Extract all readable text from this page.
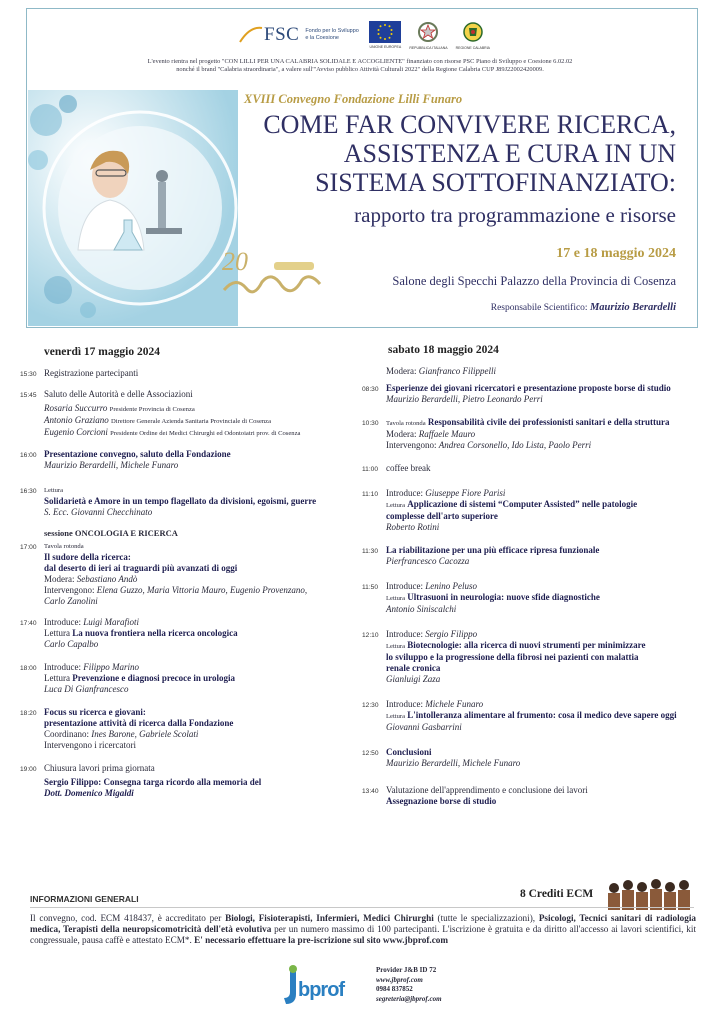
FSC Fondo per lo Sviluppo e la Coesione
UNIONE EUROPEA REPUBBLICA ITALIANA REGIONE CALABRIA
L'evento rientra nel progetto "CON LILLI PER UNA CALABRIA SOLIDALE E ACCOGLIENTE" finanziato con risorse PSC Piano di Sviluppo e Coesione 6.02.02
nonché il brand "Calabria straordinaria", a valere sull'"Avviso pubblico Attività Culturali 2022" della Regione Calabria CUP J89J22002420009.
XVIII Convegno Fondazione Lilli Funaro
COME FAR CONVIVERE RICERCA,
ASSISTENZA E CURA IN UN
SISTEMA SOTTOFINANZIATO:
rapporto tra programmazione e risorse
20	17 e 18 maggio 2024
Salone degli Specchi Palazzo della Provincia di Cosenza
Responsabile Scientifico: Maurizio Berardelli
venerdì 17 maggio 2024	sabato 18 maggio 2024
15:30 Registrazione partecipanti
15:45 Saluto delle Autorità e delle Associazioni
Rosaria Succurro Presidente Provincia di Cosenza
Antonio Graziano Direttore Generale Azienda Sanitaria Provinciale di Cosenza
Eugenio Corcioni Presidente Ordine dei Medici Chirurghi ed Odontoiatri prov. di Cosenza
16:00 Presentazione convegno, saluto della Fondazione
Maurizio Berardelli, Michele Funaro
16:30 Lettura
Solidarietà e Amore in un tempo flagellato da divisioni, egoismi, guerre
S. Ecc. Giovanni Checchinato
sessione ONCOLOGIA E RICERCA
17:00 Tavola rotonda
Il sudore della ricerca:
dal deserto di ieri ai traguardi più avanzati di oggi
Modera: Sebastiano Andò
Intervengono: Elena Guzzo, Maria Vittoria Mauro, Eugenio Provenzano,
Carlo Zanolini
17:40 Introduce: Luigi Marafioti
Lettura La nuova frontiera nella ricerca oncologica
Carlo Capalbo
18:00 Introduce: Filippo Marino
Lettura Prevenzione e diagnosi precoce in urologia
Luca Di Gianfrancesco
18:20 Focus su ricerca e giovani:
presentazione attività di ricerca dalla Fondazione
Coordinano: Ines Barone, Gabriele Scolati
Intervengono i ricercatori
19:00 Chiusura lavori prima giornata
Sergio Filippo: Consegna targa ricordo alla memoria del
Dott. Domenico Migaldi
Modera: Gianfranco Filippelli
08:30 Esperienze dei giovani ricercatori e presentazione proposte borse di studio
Maurizio Berardelli, Pietro Leonardo Perri
10:30 Tavola rotonda Responsabilità civile dei professionisti sanitari e della struttura
Modera: Raffaele Mauro
Intervengono: Andrea Corsonello, Ido Lista, Paolo Perri
11:00 coffee break
11:10 Introduce: Giuseppe Fiore Parisi
Lettura Applicazione di sistemi “Computer Assisted” nelle patologie
complesse dell'arto superiore
Roberto Rotini
11:30 La riabilitazione per una più efficace ripresa funzionale
Pierfrancesco Cacozza
11:50 Introduce: Lenino Peluso
Lettura Ultrasuoni in neurologia: nuove sfide diagnostiche
Antonio Siniscalchi
12:10 Introduce: Sergio Filippo
Lettura Biotecnologie: alla ricerca di nuovi strumenti per minimizzare
lo sviluppo e la progressione della fibrosi nei pazienti con malattia
renale cronica
Gianluigi Zaza
12:30 Introduce: Michele Funaro
Lettura L'intolleranza alimentare al frumento: cosa il medico deve sapere oggi
Giovanni Gasbarrini
12:50 Conclusioni
Maurizio Berardelli, Michele Funaro
13:40 Valutazione dell'apprendimento e conclusione dei lavori
Assegnazione borse di studio
INFORMAZIONI GENERALI	8 Crediti ECM
Il convegno, cod. ECM 418437, è accreditato per Biologi, Fisioterapisti, Infermieri, Medici Chirurghi (tutte le specializzazioni), Psicologi, Tecnici sanitari di radiologia medica, Terapisti della neuropsicomotricità dell'età evolutiva per un numero massimo di 100 partecipanti. L'iscrizione è gratuita e da diritto all'accesso ai lavori scientifici, kit congressuale, pausa caffè e attestato ECM*. E' necessario effettuare la pre-iscrizione sul sito www.jbprof.com
bprof
Provider J&B ID 72
www.jbprof.com
0984 837852
segreteria@jbprof.com
